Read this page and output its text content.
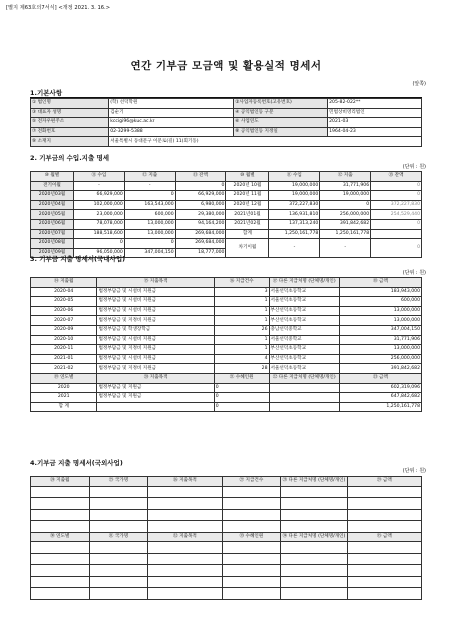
[별지 제63호의7서식] <개정 2021. 3. 16.>
연간 기부금 모금액 및 활용실적 명세서
(앞쪽)
1.기본사항
① 법인명	(학) 선덕학원	②사업자등록번호(고유번호)	205-82-022**
③ 대표자 성명	김순기	④ 공익법인등 구분	민법상비영리법인
⑤ 전자우편주소	kccigi96@kuc.ac.kr	⑥ 사업연도	2021-03
⑦ 전화번호	02-3299-5388	⑧ 공익법인등 지정일	1964-04-23
⑨ 소재지	서울특별시 동대문구 이문로(길) 11(회기동)		
2. 기부금의 수입.지출 명세
(단위 : 원)
⑩ 월별	⑪ 수입	⑫ 지출	⑬ 잔액	⑩ 월별	⑪ 수입	⑫ 지출	⑬ 잔액
전기이월	-	-	0	2020년 10월	19,000,000	31,771,906	0
2020년03월	66,929,000	0	66,929,000	2020년 11월	19,000,000	19,000,000	0
2020년04월	102,000,000	163,543,000	6,980,000	2020년 12월	372,227,830	0	372,227,830
2020년05월	23,000,000	600,000	29,380,000	2021년01월	136,931,810	256,000,000	254,529,440
2020년06월	78,078,000	13,000,000	94,164,200	2021년02월	137,313,240	391,842,682	0
2020년07월	188,518,600	13,000,000	269,684,000	합계	1,250,161,778	1,250,161,778	
2020년08월	0	0	269,684,000	차기이월	-	-	0
2020년09월	96,050,000	347,004,150	18,777,000				
3. 기부금 지출 명세서(국내사업)
(단위 : 원)
⑭ 지출월	⑮ 지출목적	⑯ 지급건수	⑰ 다른 지급처명 (단체명/개인)	⑱ 금액
2020-04	법정부담금 및 시설비 지원금	3	서울선덕초등학교	183,943,000
2020-05	법정부담금 및 시설비 지원금	1	서울선덕초등학교	600,000
2020-06	법정부담금 및 시설비 지원금	1	부산선덕초등학교	13,000,000
2020-07	법정부담금 및 지정비 지원금	1	부산선덕초등학교	13,000,000
2020-09	법정부담금 및 학생장학금	26	충남선덕중학교	347,004,150
2020-10	법정부담금 및 시설비 지원금	1	서울선덕중학교	31,771,906
2020-11	법정부담금 및 지정비 지원금	1	부산선덕초등학교	13,000,000
2021-01	법정부담금 및 시설비 지원금	4	부산선덕초등학교	256,000,000
2021-02	법정부담금 및 지정비 지원금	28	서울선덕초등학교	391,842,682
⑲ 연도별	⑳ 지출목적	㉑ 수혜인원	㉒ 다른 지급처명 (단체명/개인)	㉓ 금액
2020	법정부담금 및 지원금	0		602,319,096
2021	법정부담금 및 지원금	0		647,842,682
합 계		0		1,250,161,778
4.기부금 지출 명세서(국외사업)
(단위 : 원)
㉔ 지출월	㉕ 국가명	㉖ 지출목적	㉗ 지급건수	㉘ 다른 지급처명 (단체명/개인)	㉙ 금액

㉚ 연도별	㉛ 국가명	㉜ 지출목적	㉝ 수혜인원	㉞ 다른 지급처명 (단체명/개인)	㉟ 금액
